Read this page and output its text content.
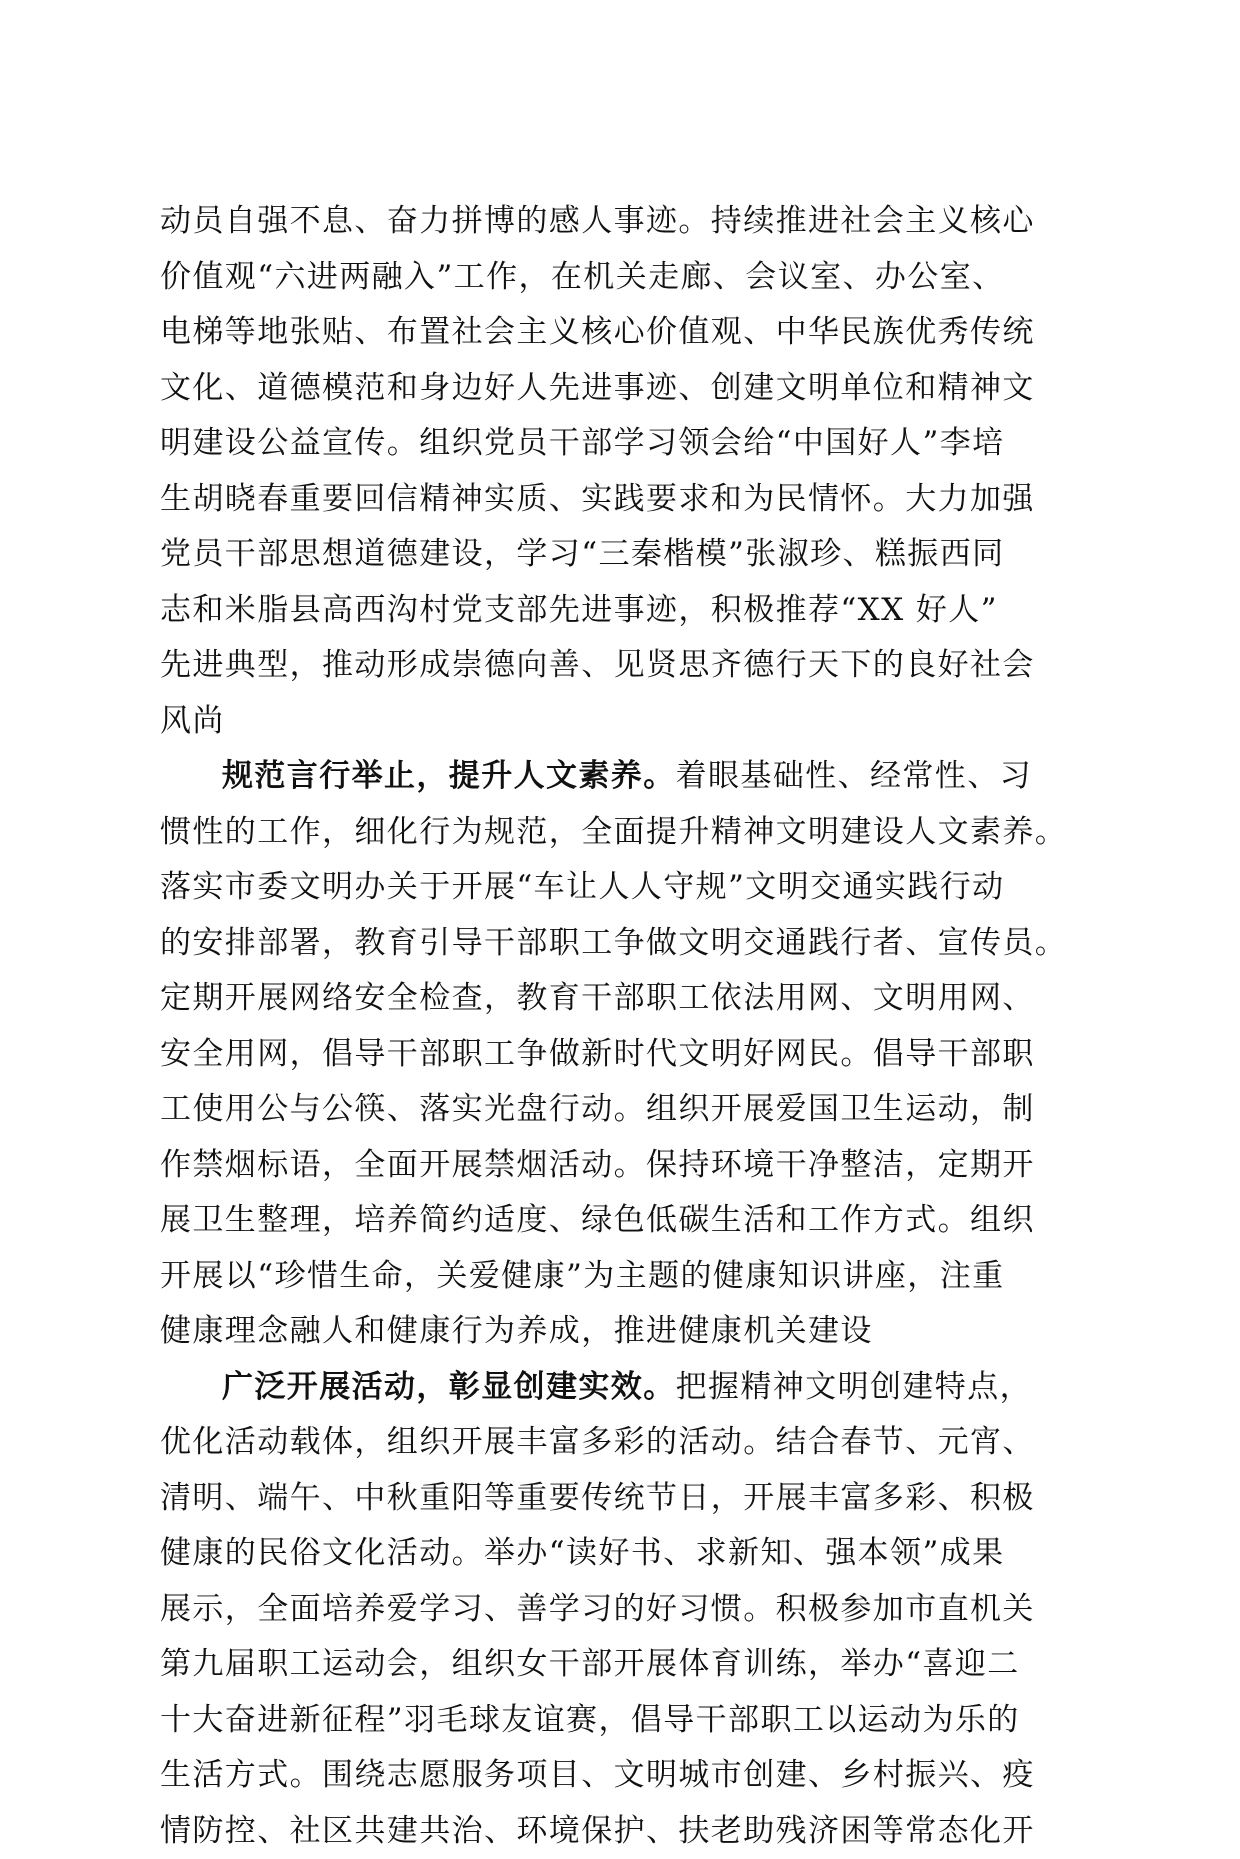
动员自强不息、奋力拼博的感人事迹。持续推进社会主义核心
价值观“六进两融入”工作，在机关走廊、会议室、办公室、
电梯等地张贴、布置社会主义核心价值观、中华民族优秀传统
文化、道德模范和身边好人先进事迹、创建文明单位和精神文
明建设公益宣传。组织党员干部学习领会给“中国好人”李培
生胡晓春重要回信精神实质、实践要求和为民情怀。大力加强
党员干部思想道德建设，学习“三秦楷模”张淑珍、糕振西同
志和米脂县高西沟村党支部先进事迹，积极推荐“XX 好人”
先进典型，推动形成崇德向善、见贤思齐德行天下的良好社会
风尚
规范言行举止，提升人文素养。着眼基础性、经常性、习
惯性的工作，细化行为规范，全面提升精神文明建设人文素养。
落实市委文明办关于开展“车让人人守规”文明交通实践行动
的安排部署，教育引导干部职工争做文明交通践行者、宣传员。
定期开展网络安全检查，教育干部职工依法用网、文明用网、
安全用网，倡导干部职工争做新时代文明好网民。倡导干部职
工使用公与公筷、落实光盘行动。组织开展爱国卫生运动，制
作禁烟标语，全面开展禁烟活动。保持环境干净整洁，定期开
展卫生整理，培养简约适度、绿色低碳生活和工作方式。组织
开展以“珍惜生命，关爱健康”为主题的健康知识讲座，注重
健康理念融人和健康行为养成，推进健康机关建设
广泛开展活动，彰显创建实效。把握精神文明创建特点，
优化活动载体，组织开展丰富多彩的活动。结合春节、元宵、
清明、端午、中秋重阳等重要传统节日，开展丰富多彩、积极
健康的民俗文化活动。举办“读好书、求新知、强本领”成果
展示，全面培养爱学习、善学习的好习惯。积极参加市直机关
第九届职工运动会，组织女干部开展体育训练，举办“喜迎二
十大奋进新征程”羽毛球友谊赛，倡导干部职工以运动为乐的
生活方式。围绕志愿服务项目、文明城市创建、乡村振兴、疫
情防控、社区共建共治、环境保护、扶老助残济困等常态化开
